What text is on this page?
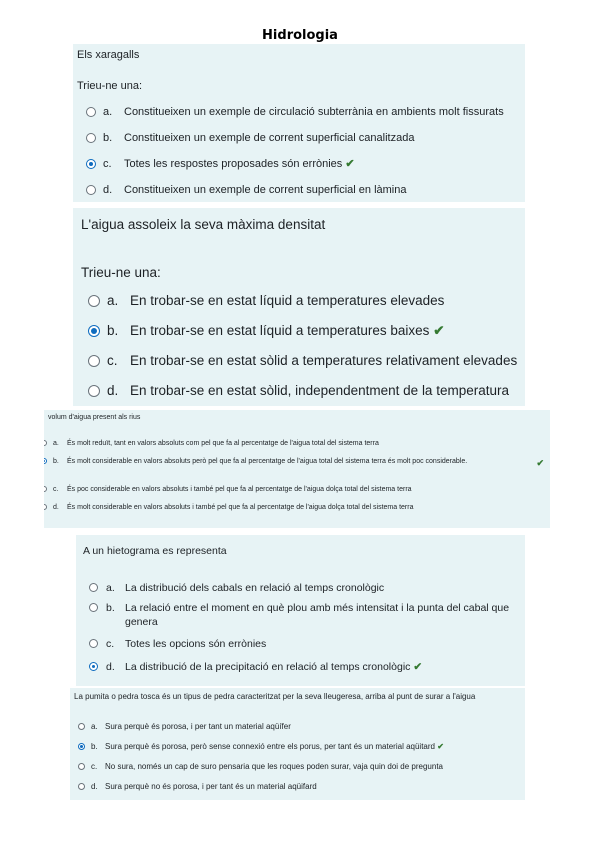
Hidrologia

Els xaragalls

Trieu-ne una:

a.	Constitueixen un exemple de circulació subterrània en ambients molt fissurats
b.	Constitueixen un exemple de corrent superficial canalitzada
c.	Totes les respostes proposades són errònies ✔
d.	Constitueixen un exemple de corrent superficial en làmina

L'aigua assoleix la seva màxima densitat

Trieu-ne una:

a. En trobar-se en estat líquid a temperatures elevades
b. En trobar-se en estat líquid a temperatures baixes ✔
c. En trobar-se en estat sòlid a temperatures relativament elevades
d. En trobar-se en estat sòlid, independentment de la temperatura

volum d'aigua present als rius

a.	És molt reduït, tant en valors absoluts com pel que fa al percentatge de l'aigua total del sistema terra
b.	És molt considerable en valors absoluts però pel que fa al percentatge de l'aigua total del sistema terra és molt poc considerable.	✔
c.	És poc considerable en valors absoluts i també pel que fa al percentatge de l'aigua dolça total del sistema terra
d.	És molt considerable en valors absoluts i també pel que fa al percentatge de l'aigua dolça total del sistema terra

A un hietograma es representa

a. La distribució dels cabals en relació al temps cronològic
b. La relació entre el moment en què plou amb més intensitat i la punta del cabal que genera
c.	Totes les opcions són errònies
d. La distribució de la precipitació en relació al temps cronològic ✔

La pumita o pedra tosca és un tipus de pedra caracteritzat per la seva lleugeresa, arriba al punt de surar a l'aigua

a. Sura perquè és porosa, i per tant un material aqüífer
b. Sura perquè és porosa, però sense connexió entre els porus, per tant és un material aqüitard ✔
c. No sura, només un cap de suro pensaria que les roques poden surar, vaja quin doi de pregunta
d. Sura perquè no és porosa, i per tant és un material aqüifard
